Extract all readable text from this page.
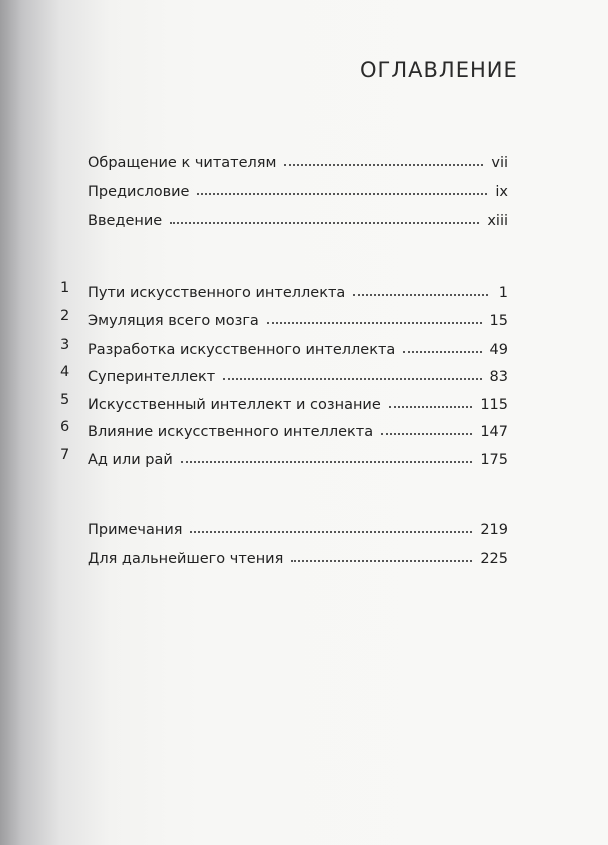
ОГЛАВЛЕНИЕ
Обращение к читателям	vii
Предисловие	ix
Введение	xiii
1 Пути искусственного интеллекта	1
2 Эмуляция всего мозга	15
3 Разработка искусственного интеллекта	49
4 Суперинтеллект	83
5 Искусственный интеллект и сознание	115
6 Влияние искусственного интеллекта	147
7 Ад или рай	175
Примечания	219
Для дальнейшего чтения	225
